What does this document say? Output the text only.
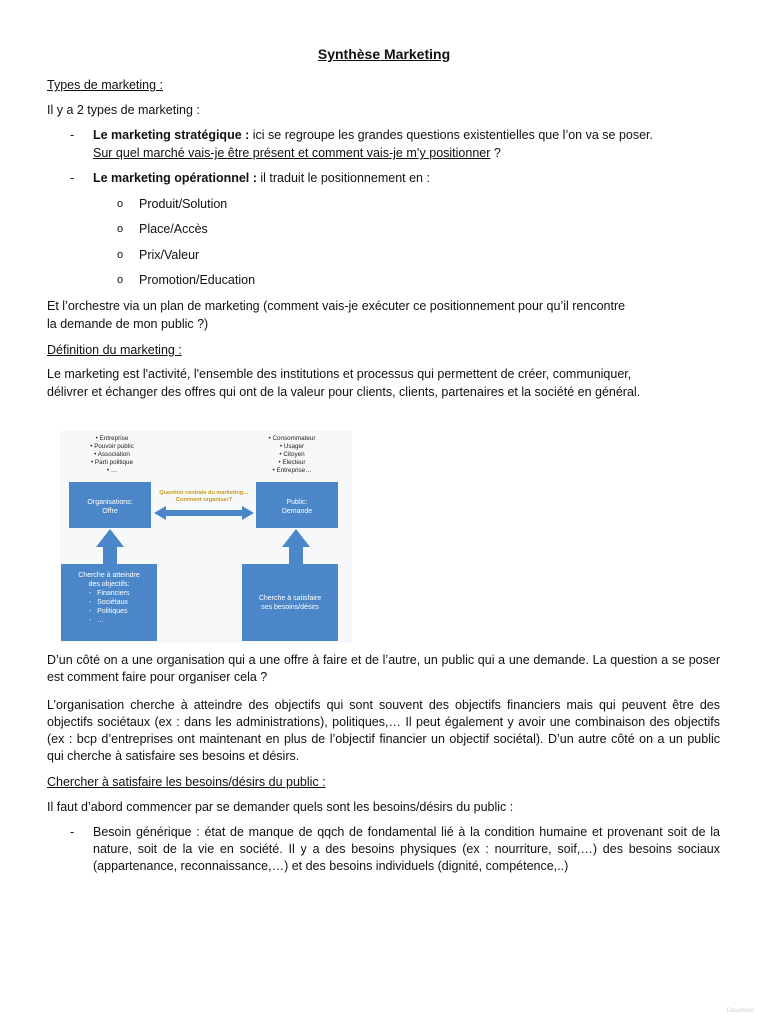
Synthèse Marketing
Types de marketing :
Il y a 2 types de marketing :
- Le marketing stratégique : ici se regroupe les grandes questions existentielles que l’on va se poser.
Sur quel marché vais-je être présent et comment vais-je m’y positionner ?
- Le marketing opérationnel : il traduit le positionnement en :
o Produit/Solution
o Place/Accès
o Prix/Valeur
o Promotion/Education
Et l’orchestre via un plan de marketing (comment vais-je exécuter ce positionnement pour qu’il rencontre
la demande de mon public ?)
Définition du marketing :
Le marketing est l'activité, l'ensemble des institutions et processus qui permettent de créer, communiquer,
délivrer et échanger des offres qui ont de la valeur pour clients, clients, partenaires et la société en général.
• Entreprise
• Pouvoir public
• Association
• Parti politique
• …
• Consommateur
• Usager
• Citoyen
• Electeur
• Entreprise…
Organisations:
Offre
Public:
Demande
Question centrale du marketing…
Comment organiser?
Cherche à atteindre
des objectifs:
-   Financiers
-   Sociétaux
-   Politiques
-   …
Cherche à satisfaire
ses besoins/désirs
D’un côté on a une organisation qui a une offre à faire et de l’autre, un public qui a une demande. La question a se poser est comment faire pour organiser cela ?
L’organisation cherche à atteindre des objectifs qui sont souvent des objectifs financiers mais qui peuvent être des objectifs sociétaux (ex : dans les administrations), politiques,… Il peut également y avoir une combinaison des objectifs (ex : bcp d’entreprises ont maintenant en plus de l’objectif financier un objectif sociétal). D’un autre côté on a un public qui cherche à satisfaire ses besoins et désirs.
Chercher à satisfaire les besoins/désirs du public :
Il faut d’abord commencer par se demander quels sont les besoins/désirs du public :
- Besoin générique : état de manque de qqch de fondamental lié à la condition humaine et provenant soit de la nature, soit de la vie en société. Il y a des besoins physiques (ex : nourriture, soif,…) des besoins sociaux (appartenance, reconnaissance,…) et des besoins individuels (dignité, compétence,..)
Document
